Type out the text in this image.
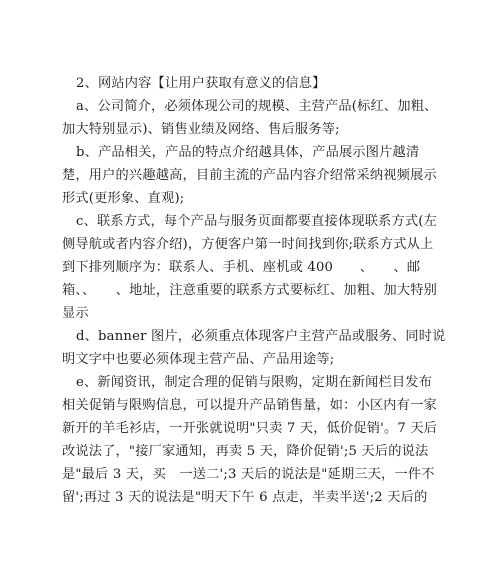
2、网站内容【让用户获取有意义的信息】
a、公司简介，必须体现公司的规模、主营产品(标红、加粗、
加大特别显示)、销售业绩及网络、售后服务等;
b、产品相关，产品的特点介绍越具体，产品展示图片越清
楚，用户的兴趣越高，目前主流的产品内容介绍常采纳视频展示
形式(更形象、直观);
c、联系方式，每个产品与服务页面都要直接体现联系方式(左
侧导航或者内容介绍)，方便客户第一时间找到你;联系方式从上
到下排列顺序为：联系人、手机、座机或 400　　、　　、邮
箱、、　　、地址，注意重要的联系方式要标红、加粗、加大特别
显示
d、banner 图片，必须重点体现客户主营产品或服务、同时说
明文字中也要必须体现主营产品、产品用途等;
e、新闻资讯，制定合理的促销与限购，定期在新闻栏目发布
相关促销与限购信息，可以提升产品销售量，如：小区内有一家
新开的羊毛衫店，一开张就说明"只卖 7 天，低价促销'。7 天后
改说法了，"接厂家通知，再卖 5 天，降价促销';5 天后的说法
是"最后 3 天，买　一送二';3 天后的说法是"延期三天，一件不
留';再过 3 天的说法是"明天下午 6 点走，半卖半送';2 天后的
